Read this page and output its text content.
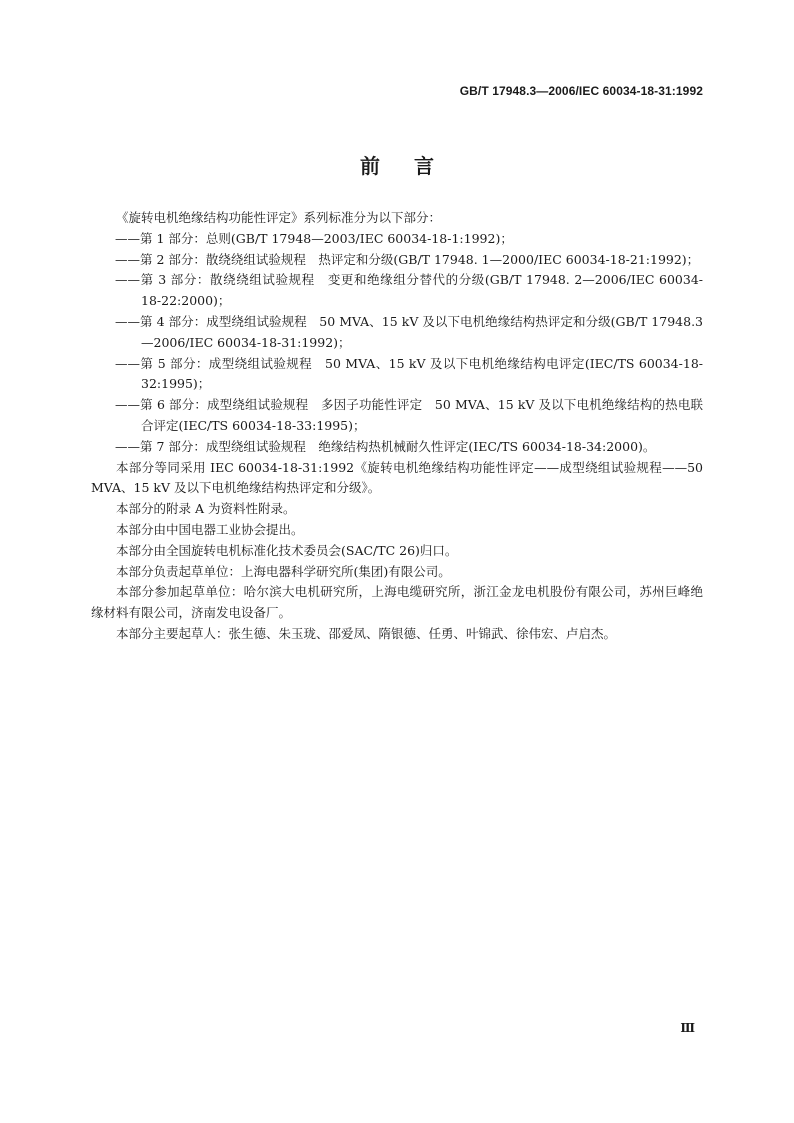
GB/T 17948.3—2006/IEC 60034-18-31:1992
前言

《旋转电机绝缘结构功能性评定》系列标准分为以下部分：

——第 1 部分：总则(GB/T 17948—2003/IEC 60034-18-1:1992)；

——第 2 部分：散绕绕组试验规程　热评定和分级(GB/T 17948. 1—2000/IEC 60034-18-21:1992)；

——第 3 部分：散绕绕组试验规程　变更和绝缘组分替代的分级(GB/T 17948. 2—2006/IEC 60034-18-22:2000)；

——第 4 部分：成型绕组试验规程　50 MVA、15 kV 及以下电机绝缘结构热评定和分级(GB/T 17948.3—2006/IEC 60034-18-31:1992)；

——第 5 部分：成型绕组试验规程　50 MVA、15 kV 及以下电机绝缘结构电评定(IEC/TS 60034-18-32:1995)；

——第 6 部分：成型绕组试验规程　多因子功能性评定　50 MVA、15 kV 及以下电机绝缘结构的热电联合评定(IEC/TS 60034-18-33:1995)；

——第 7 部分：成型绕组试验规程　绝缘结构热机械耐久性评定(IEC/TS 60034-18-34:2000)。

本部分等同采用 IEC 60034-18-31:1992《旋转电机绝缘结构功能性评定——成型绕组试验规程——50 MVA、15 kV 及以下电机绝缘结构热评定和分级》。

本部分的附录 A 为资料性附录。

本部分由中国电器工业协会提出。

本部分由全国旋转电机标准化技术委员会(SAC/TC 26)归口。

本部分负责起草单位：上海电器科学研究所(集团)有限公司。

本部分参加起草单位：哈尔滨大电机研究所，上海电缆研究所，浙江金龙电机股份有限公司，苏州巨峰绝缘材料有限公司，济南发电设备厂。

本部分主要起草人：张生德、朱玉珑、邵爱凤、隋银德、任勇、叶锦武、徐伟宏、卢启杰。

Ⅲ
